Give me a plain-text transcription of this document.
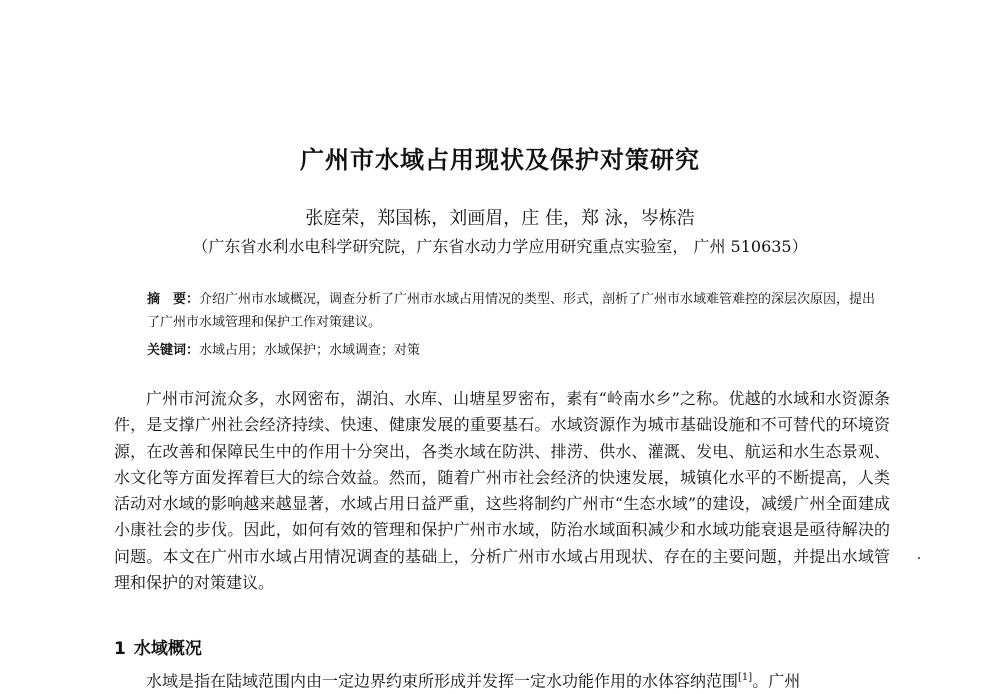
广州市水域占用现状及保护对策研究
张庭荣，郑国栋，刘画眉，庄 佳，郑 泳，岑栋浩
（广东省水利水电科学研究院，广东省水动力学应用研究重点实验室， 广州 510635）
摘　要：介绍广州市水域概况，调查分析了广州市水域占用情况的类型、形式，剖析了广州市水域难管难控的深层次原因，提出了广州市水域管理和保护工作对策建议。
关键词：水域占用；水域保护；水域调查；对策

广州市河流众多，水网密布，湖泊、水库、山塘星罗密布，素有“岭南水乡”之称。优越的水域和水资源条件，是支撑广州社会经济持续、快速、健康发展的重要基石。水域资源作为城市基础设施和不可替代的环境资源，在改善和保障民生中的作用十分突出，各类水域在防洪、排涝、供水、灌溉、发电、航运和水生态景观、水文化等方面发挥着巨大的综合效益。然而，随着广州市社会经济的快速发展，城镇化水平的不断提高，人类活动对水域的影响越来越显著，水域占用日益严重，这些将制约广州市“生态水域”的建设，减缓广州全面建成小康社会的步伐。因此，如何有效的管理和保护广州市水域，防治水域面积减少和水域功能衰退是亟待解决的问题。本文在广州市水域占用情况调查的基础上，分析广州市水域占用现状、存在的主要问题，并提出水域管理和保护的对策建议。

1 水域概况

水域是指在陆域范围内由一定边界约束所形成并发挥一定水功能作用的水体容纳范围[1]。广州
